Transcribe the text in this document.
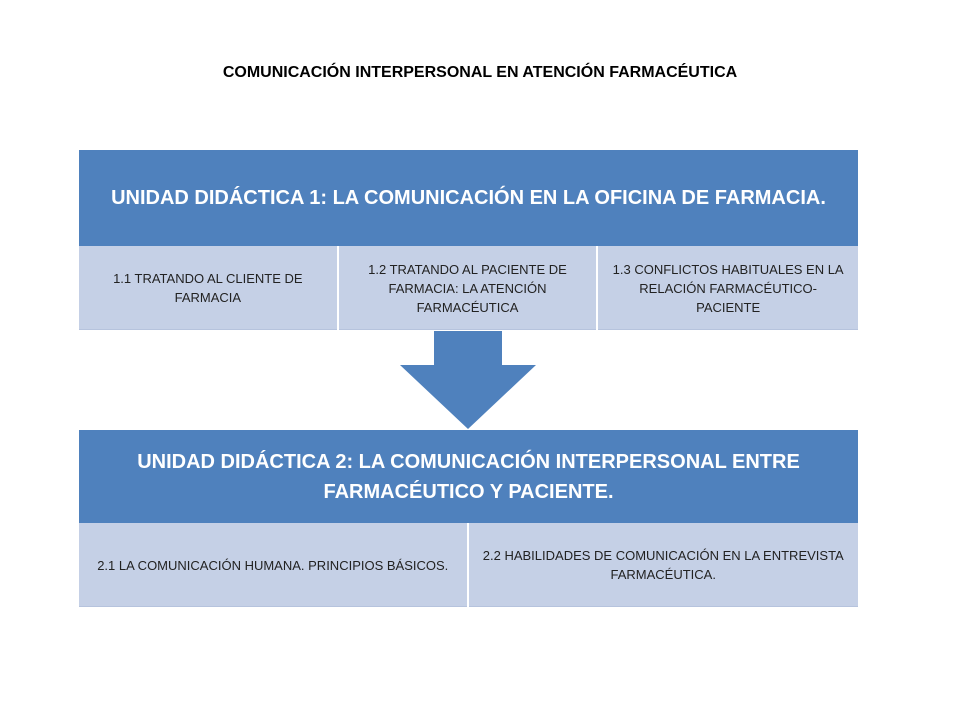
COMUNICACIÓN INTERPERSONAL EN ATENCIÓN FARMACÉUTICA
UNIDAD DIDÁCTICA 1: LA COMUNICACIÓN EN LA OFICINA DE FARMACIA.
1.1 TRATANDO AL CLIENTE DE FARMACIA
1.2 TRATANDO AL PACIENTE DE FARMACIA: LA ATENCIÓN FARMACÉUTICA
1.3 CONFLICTOS HABITUALES EN LA RELACIÓN FARMACÉUTICO-PACIENTE
UNIDAD DIDÁCTICA 2: LA COMUNICACIÓN INTERPERSONAL ENTRE FARMACÉUTICO Y PACIENTE.
2.1 LA COMUNICACIÓN HUMANA. PRINCIPIOS BÁSICOS.
2.2 HABILIDADES DE COMUNICACIÓN EN LA ENTREVISTA FARMACÉUTICA.
